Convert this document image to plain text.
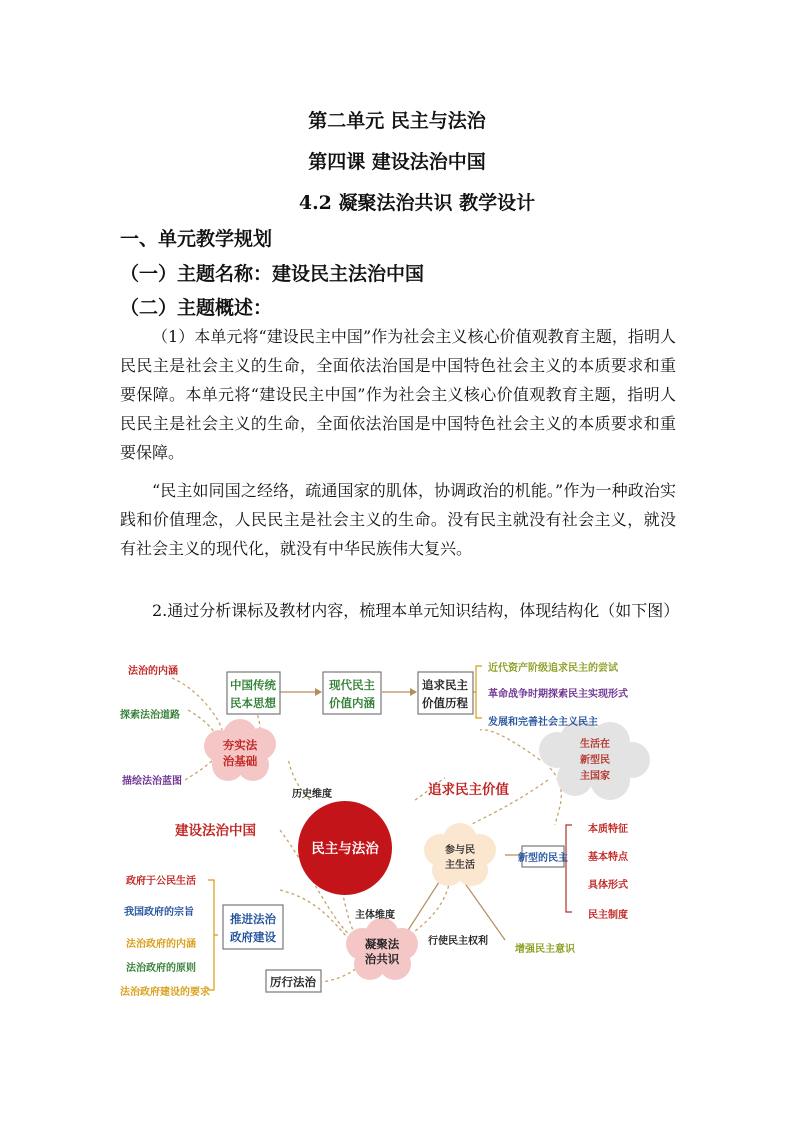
第二单元 民主与法治
第四课 建设法治中国
4.2 凝聚法治共识 教学设计
一、单元教学规划
（一）主题名称：建设民主法治中国
（二）主题概述：
（1）本单元将“建设民主中国”作为社会主义核心价值观教育主题，指明人民民主是社会主义的生命，全面依法治国是中国特色社会主义的本质要求和重要保障。本单元将“建设民主中国”作为社会主义核心价值观教育主题，指明人民民主是社会主义的生命，全面依法治国是中国特色社会主义的本质要求和重要保障。
“民主如同国之经络，疏通国家的肌体，协调政治的机能。”作为一种政治实践和价值理念，人民民主是社会主义的生命。没有民主就没有社会主义，就没有社会主义的现代化，就没有中华民族伟大复兴。
2.通过分析课标及教材内容，梳理本单元知识结构，体现结构化（如下图）
民主与法治
夯实法
治基础
生活在
新型民
主国家
参与民
主生活
凝聚法
治共识
中国传统
民本思想
现代民主
价值内涵
追求民主
价值历程
新型的民主
推进法治
政府建设
厉行法治
法治的内涵
探索法治道路
描绘法治蓝图
近代资产阶级追求民主的尝试
革命战争时期探索民主实现形式
发展和完善社会主义民主
历史维度	追求民主价值
建设法治中国
主体维度
行使民主权利
增强民主意识
本质特征
基本特点
具体形式
民主制度
政府于公民生活
我国政府的宗旨
法治政府的内涵
法治政府的原则
法治政府建设的要求
